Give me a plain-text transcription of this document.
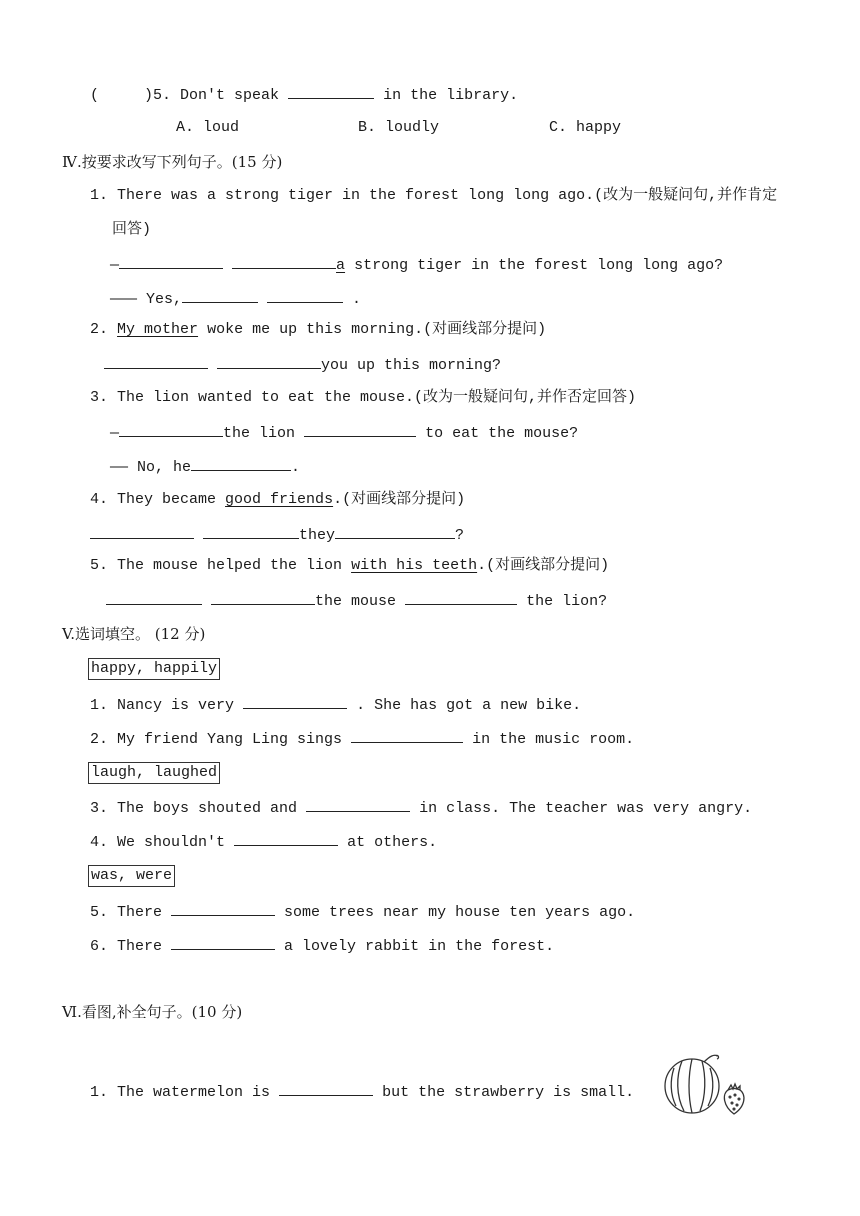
(     )5. Don't speak	in the library.
A. loud	B. loudly	C. happy
Ⅳ.按要求改写下列句子。(15 分)
1. There was a strong tiger in the forest long long ago.(改为一般疑问句,并作肯定
回答)
—	a strong tiger in the forest long long ago?
——— Yes,	.
2. My mother woke me up this morning.(对画线部分提问)
you up this morning?
3. The lion wanted to eat the mouse.(改为一般疑问句,并作否定回答)
—	the lion	to eat the mouse?
—— No, he	.
4. They became good friends.(对画线部分提问)
they	?
5. The mouse helped the lion with his teeth.(对画线部分提问)
the mouse	the lion?
V.选词填空。 (12 分)
happy, happily
1. Nancy is very	. She has got a new bike.
2. My friend Yang Ling sings	in the music room.
laugh, laughed
3. The boys shouted and	in class. The teacher was very angry.
4. We shouldn't	at others.
was, were
5. There	some trees near my house ten years ago.
6. There	a lovely rabbit in the forest.
Ⅵ.看图,补全句子。(10 分)
1. The watermelon is	but the strawberry is small.
